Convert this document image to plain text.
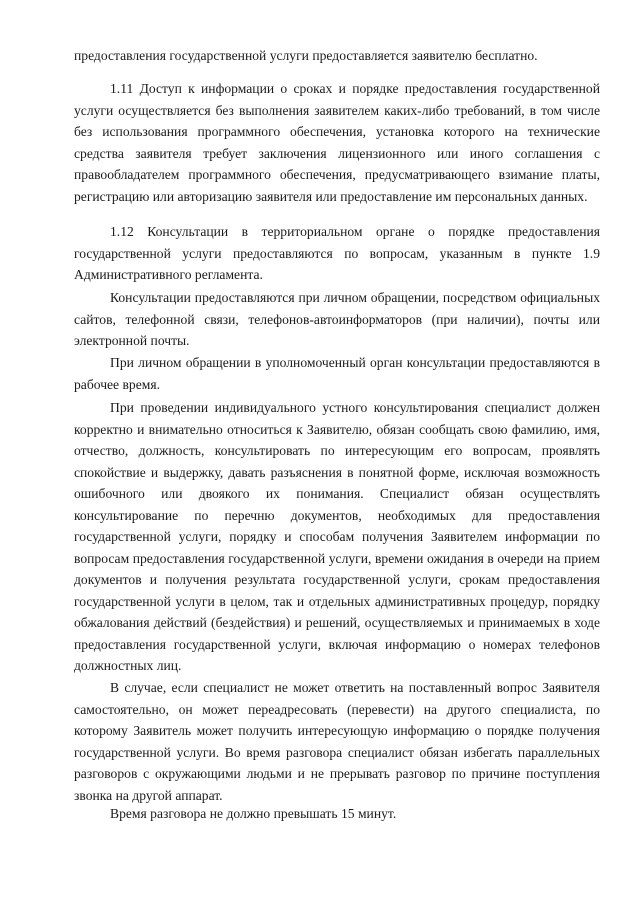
предоставления государственной услуги предоставляется заявителю бесплатно.

1.11 Доступ к информации о сроках и порядке предоставления государственной услуги осуществляется без выполнения заявителем каких-либо требований, в том числе без использования программного обеспечения, установка которого на технические средства заявителя требует заключения лицензионного или иного соглашения с правообладателем программного обеспечения, предусматривающего взимание платы, регистрацию или авторизацию заявителя или предоставление им персональных данных.

1.12 Консультации в территориальном органе о порядке предоставления государственной услуги предоставляются по вопросам, указанным в пункте 1.9 Административного регламента.

Консультации предоставляются при личном обращении, посредством официальных сайтов, телефонной связи, телефонов-автоинформаторов (при наличии), почты или электронной почты.

При личном обращении в уполномоченный орган консультации предоставляются в рабочее время.

При проведении индивидуального устного консультирования специалист должен корректно и внимательно относиться к Заявителю, обязан сообщать свою фамилию, имя, отчество, должность, консультировать по интересующим его вопросам, проявлять спокойствие и выдержку, давать разъяснения в понятной форме, исключая возможность ошибочного или двоякого их понимания. Специалист обязан осуществлять консультирование по перечню документов, необходимых для предоставления государственной услуги, порядку и способам получения Заявителем информации по вопросам предоставления государственной услуги, времени ожидания в очереди на прием документов и получения результата государственной услуги, срокам предоставления государственной услуги в целом, так и отдельных административных процедур, порядку обжалования действий (бездействия) и решений, осуществляемых и принимаемых в ходе предоставления государственной услуги, включая информацию о номерах телефонов должностных лиц.

В случае, если специалист не может ответить на поставленный вопрос Заявителя самостоятельно, он может переадресовать (перевести) на другого специалиста, по которому Заявитель может получить интересующую информацию о порядке получения государственной услуги. Во время разговора специалист обязан избегать параллельных разговоров с окружающими людьми и не прерывать разговор по причине поступления звонка на другой аппарат.

Время разговора не должно превышать 15 минут.
